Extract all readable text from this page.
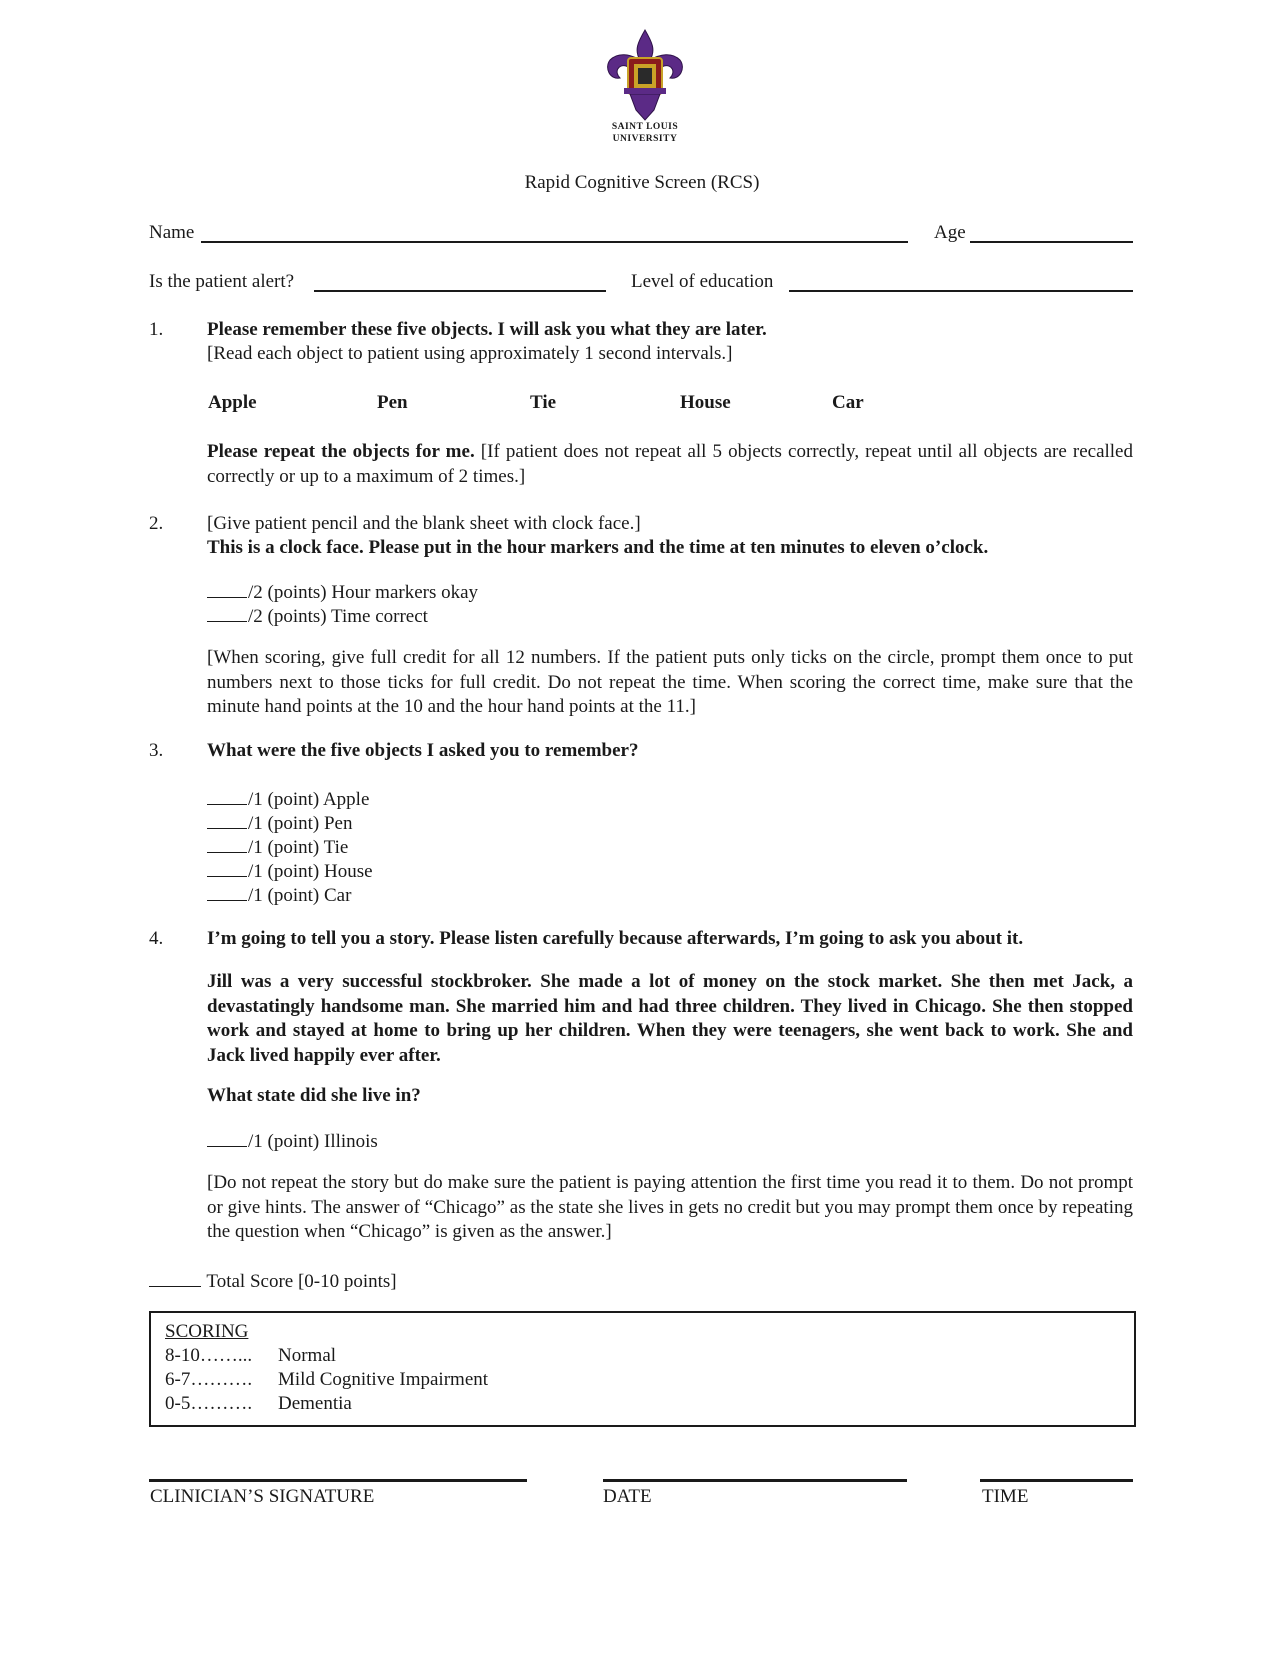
SAINT LOUIS
UNIVERSITY
Rapid Cognitive Screen (RCS)
Name	Age
Is the patient alert?	Level of education
1. Please remember these five objects. I will ask you what they are later.
[Read each object to patient using approximately 1 second intervals.]
Apple	Pen	Tie	House	Car
Please repeat the objects for me. [If patient does not repeat all 5 objects correctly, repeat until all objects are recalled correctly or up to a maximum of 2 times.]
2. [Give patient pencil and the blank sheet with clock face.]
This is a clock face. Please put in the hour markers and the time at ten minutes to eleven o’clock.
/2 (points) Hour markers okay
/2 (points) Time correct
[When scoring, give full credit for all 12 numbers. If the patient puts only ticks on the circle, prompt them once to put numbers next to those ticks for full credit. Do not repeat the time. When scoring the correct time, make sure that the minute hand points at the 10 and the hour hand points at the 11.]
3. What were the five objects I asked you to remember?
/1 (point) Apple
/1 (point) Pen
/1 (point) Tie
/1 (point) House
/1 (point) Car
4. I’m going to tell you a story. Please listen carefully because afterwards, I’m going to ask you about it.
Jill was a very successful stockbroker. She made a lot of money on the stock market. She then met Jack, a devastatingly handsome man. She married him and had three children. They lived in Chicago. She then stopped work and stayed at home to bring up her children. When they were teenagers, she went back to work. She and Jack lived happily ever after.
What state did she live in?
/1 (point) Illinois
[Do not repeat the story but do make sure the patient is paying attention the first time you read it to them. Do not prompt or give hints. The answer of “Chicago” as the state she lives in gets no credit but you may prompt them once by repeating the question when “Chicago” is given as the answer.]
Total Score [0-10 points]
SCORING
8-10……... Normal
6-7………. Mild Cognitive Impairment
0-5………. Dementia
CLINICIAN’S SIGNATURE	DATE	TIME
